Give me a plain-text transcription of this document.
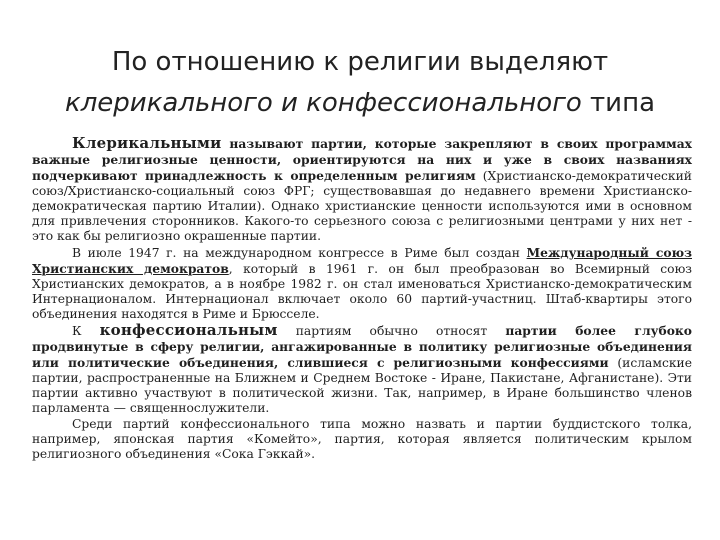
По отношению к религии выделяют
клерикального и конфессионального типа

Клерикальными называют партии, которые закрепляют в своих программах важные религиозные ценности, ориентируются на них и уже в своих названиях подчеркивают принадлежность к определенным религиям (Христианско-демократический союз/Христианско-социальный союз ФРГ; существовавшая до недавнего времени Христианско-демократическая партию Италии). Однако христианские ценности используются ими в основном для привлечения сторонников. Какого-то серьезного союза с религиозными центрами у них нет - это как бы религиозно окрашенные партии.

В июле 1947 г. на международном конгрессе в Риме был создан Международный союз Христианских демократов, который в 1961 г. он был преобразован во Всемирный союз Христианских демократов, а в ноябре 1982 г. он стал именоваться Христианско-демократическим Интернационалом. Интернационал включает около 60 партий-участниц. Штаб-квартиры этого объединения находятся в Риме и Брюсселе.

К конфессиональным партиям обычно относят партии более глубоко продвинутые в сферу религии, ангажированные в политику религиозные объединения или политические объединения, слившиеся с религиозными конфессиями (исламские партии, распространенные на Ближнем и Среднем Востоке - Иране, Пакистане, Афганистане). Эти партии активно участвуют в политической жизни. Так, например, в Иране большинство членов парламента — священнослужители.

Среди партий конфессионального типа можно назвать и партии буддистского толка, например, японская партия «Комейто», партия, которая является политическим крылом религиозного объединения «Сока Гэккай».
